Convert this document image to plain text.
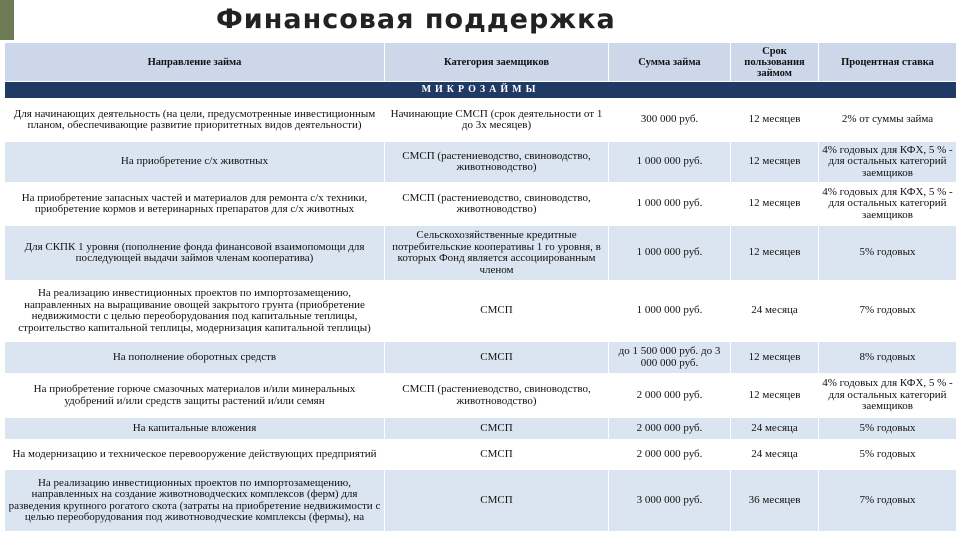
Финансовая поддержка
Направление займа	Категория заемщиков	Сумма займа	Срок пользования займом	Процентная ставка
МИКРОЗАЙМЫ				
Для начинающих деятельность (на цели, предусмотренные инвестиционным планом, обеспечивающие развитие приоритетных видов деятельности)	Начинающие СМСП (срок деятельности от 1 до 3х месяцев)	300 000 руб.	12 месяцев	2% от суммы займа
На приобретение с/х животных	СМСП (растениеводство, свиноводство, животноводство)	1 000 000 руб.	12 месяцев	4% годовых для КФХ, 5 % - для остальных категорий заемщиков
На приобретение запасных частей и материалов для ремонта с/х техники, приобретение кормов и ветеринарных препаратов для с/х животных	СМСП (растениеводство, свиноводство, животноводство)	1 000 000 руб.	12 месяцев	4% годовых для КФХ, 5 % - для остальных категорий заемщиков
Для СКПК 1 уровня (пополнение фонда финансовой взаимопомощи для последующей выдачи займов членам кооператива)	Сельскохозяйственные кредитные потребительские кооперативы 1 го уровня, в которых Фонд является ассоциированным членом	1 000 000 руб.	12 месяцев	5% годовых
На реализацию инвестиционных проектов по импортозамещению, направленных на выращивание овощей закрытого грунта (приобретение недвижимости с целью переоборудования под капитальные теплицы, строительство капитальной теплицы, модернизация капитальной теплицы)	СМСП	1 000 000 руб.	24 месяца	7% годовых
На пополнение оборотных средств	СМСП	до 1 500 000 руб. до 3 000 000 руб.	12 месяцев	8% годовых
На приобретение горюче смазочных материалов и/или минеральных удобрений и/или средств защиты растений и/или семян	СМСП (растениеводство, свиноводство, животноводство)	2 000 000 руб.	12 месяцев	4% годовых для КФХ, 5 % - для остальных категорий заемщиков
На капитальные вложения	СМСП	2 000 000 руб.	24 месяца	5% годовых
На модернизацию и техническое перевооружение действующих предприятий	СМСП	2 000 000 руб.	24 месяца	5% годовых
На реализацию инвестиционных проектов по импортозамещению, направленных на создание животноводческих комплексов (ферм) для разведения крупного рогатого скота (затраты на приобретение недвижимости с целью переоборудования под животноводческие комплексы (фермы), на	СМСП	3 000 000 руб.	36 месяцев	7% годовых
